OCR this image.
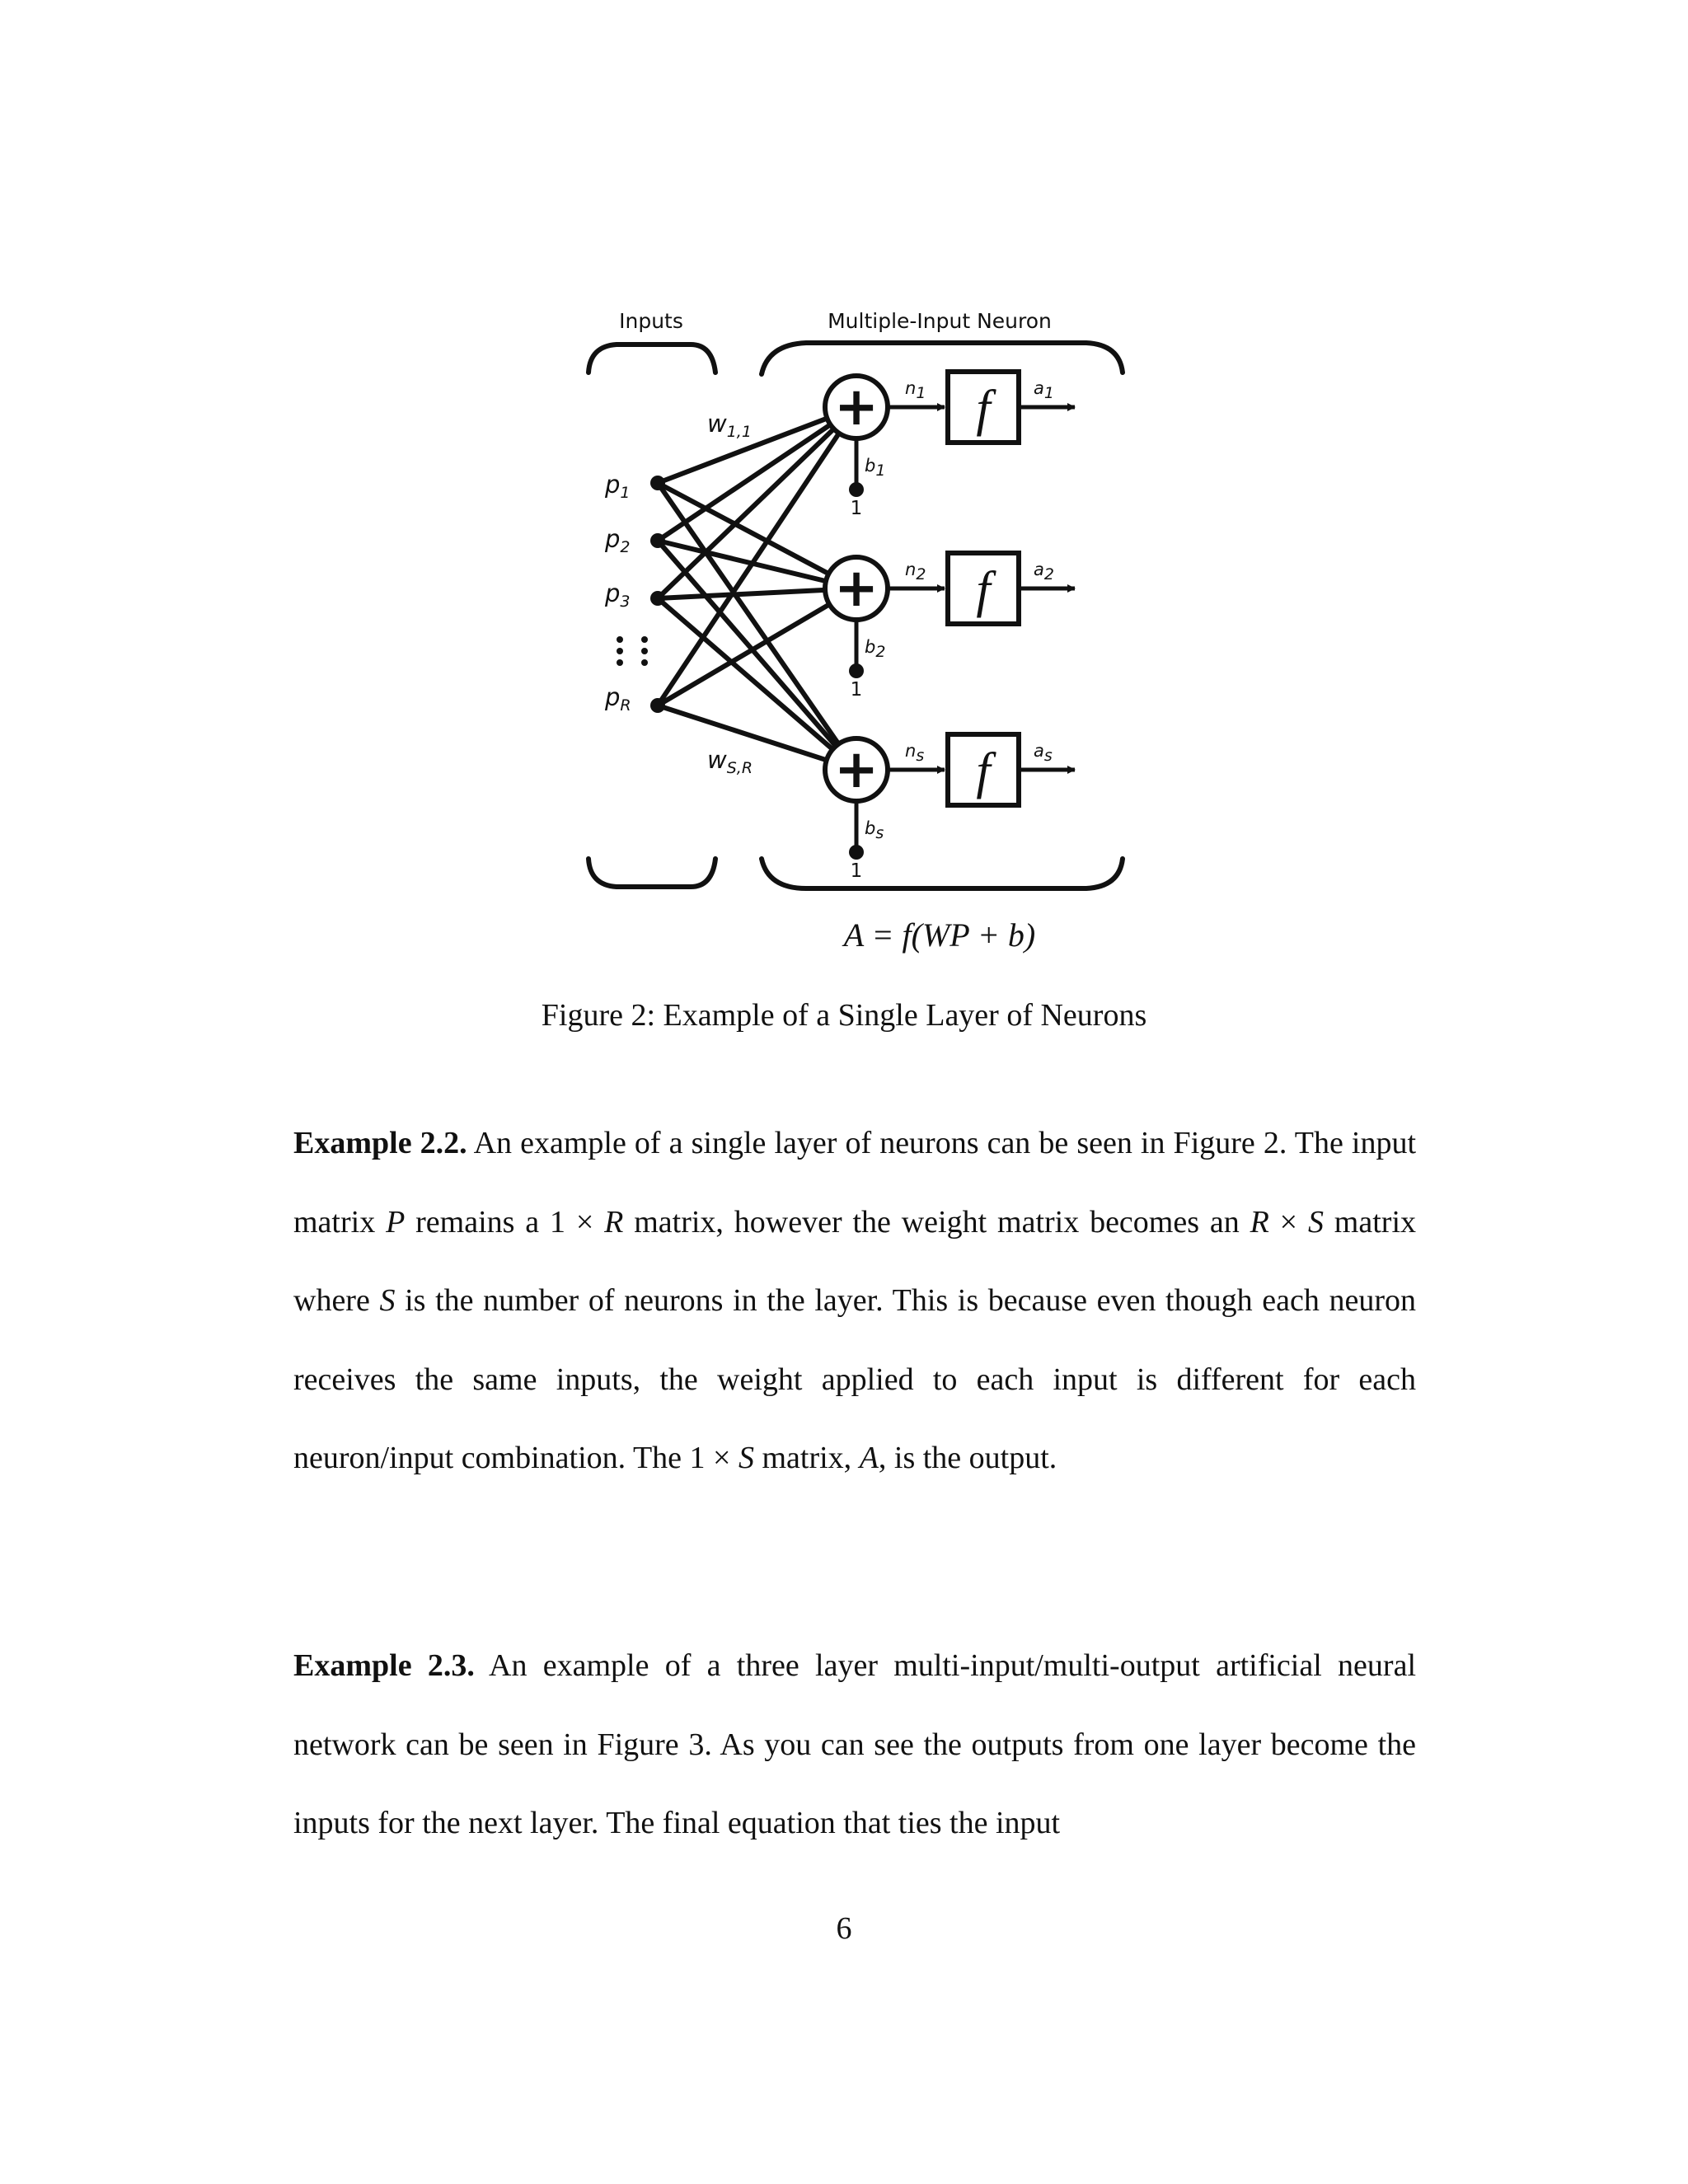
Inputs	Multiple-Input Neuron
$p_1$
$p_2$
$p_3$
$p_R$
$w_{1,1}$
$w_{S,R}$
+ n1 f	a1
b1
1
+ n2 f	a2
b2
1
+ ns f	as
bs
1
A = f(WP + b)
Figure 2: Example of a Single Layer of Neurons
Example 2.2. An example of a single layer of neurons can be seen in Figure 2. The input matrix P remains a 1 × R matrix, however the weight matrix becomes an R × S matrix where S is the number of neurons in the layer. This is because even though each neuron receives the same inputs, the weight applied to each input is different for each neuron/input combination. The 1 × S matrix, A, is the output.
Example 2.3. An example of a three layer multi-input/multi-output artificial neural network can be seen in Figure 3. As you can see the outputs from one layer become the inputs for the next layer. The final equation that ties the input
6
